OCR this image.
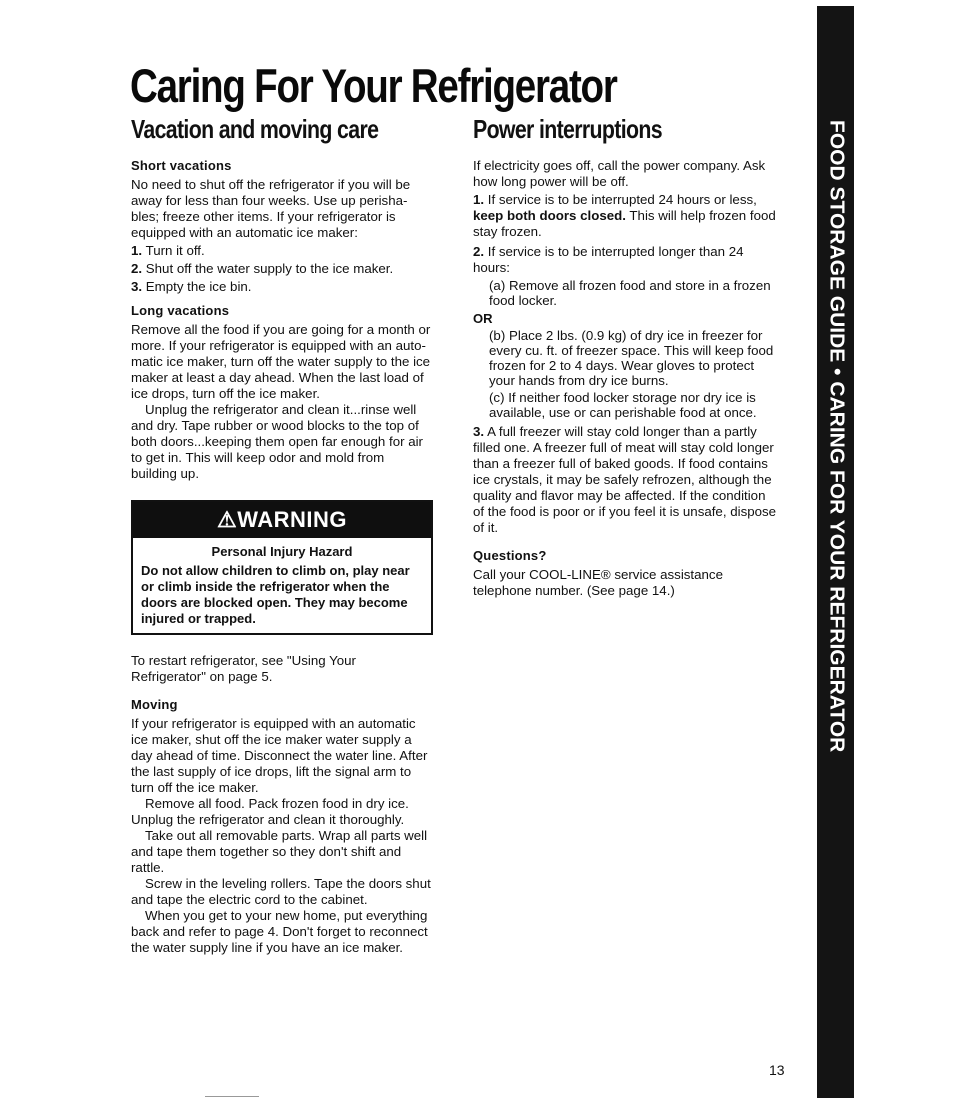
FOOD STORAGE GUIDE • CARING FOR YOUR REFRIGERATOR
Caring For Your Refrigerator
Vacation and moving care
Short vacations

No need to shut off the refrigerator if you will be away for less than four weeks. Use up perisha- bles; freeze other items. If your refrigerator is equipped with an automatic ice maker:

1. Turn it off.
2. Shut off the water supply to the ice maker.
3. Empty the ice bin.
Long vacations

Remove all the food if you are going for a month or more. If your refrigerator is equipped with an auto- matic ice maker, turn off the water supply to the ice maker at least a day ahead. When the last load of ice drops, turn off the ice maker.

Unplug the refrigerator and clean it...rinse well and dry. Tape rubber or wood blocks to the top of both doors...keeping them open far enough for air to get in. This will keep odor and mold from building up.

⚠WARNING
Personal Injury Hazard
Do not allow children to climb on, play near or climb inside the refrigerator when the doors are blocked open. They may become injured or trapped.

To restart refrigerator, see "Using Your Refrigerator" on page 5.

Moving

If your refrigerator is equipped with an automatic ice maker, shut off the ice maker water supply a day ahead of time. Disconnect the water line. After the last supply of ice drops, lift the signal arm to turn off the ice maker.

Remove all food. Pack frozen food in dry ice. Unplug the refrigerator and clean it thoroughly.

Take out all removable parts. Wrap all parts well and tape them together so they don't shift and rattle.

Screw in the leveling rollers. Tape the doors shut and tape the electric cord to the cabinet.

When you get to your new home, put everything back and refer to page 4. Don't forget to reconnect the water supply line if you have an ice maker.

Power interruptions

If electricity goes off, call the power company. Ask how long power will be off.

1. If service is to be interrupted 24 hours or less, keep both doors closed. This will help frozen food stay frozen.
2. If service is to be interrupted longer than 24 hours:
(a) Remove all frozen food and store in a frozen food locker.
OR
(b) Place 2 lbs. (0.9 kg) of dry ice in freezer for every cu. ft. of freezer space. This will keep food frozen for 2 to 4 days. Wear gloves to protect your hands from dry ice burns.
(c) If neither food locker storage nor dry ice is available, use or can perishable food at once.
3. A full freezer will stay cold longer than a partly filled one. A freezer full of meat will stay cold longer than a freezer full of baked goods. If food contains ice crystals, it may be safely refrozen, although the quality and flavor may be affected. If the condition of the food is poor or if you feel it is unsafe, dispose of it.
Questions?

Call your COOL-LINE® service assistance telephone number. (See page 14.)

13
